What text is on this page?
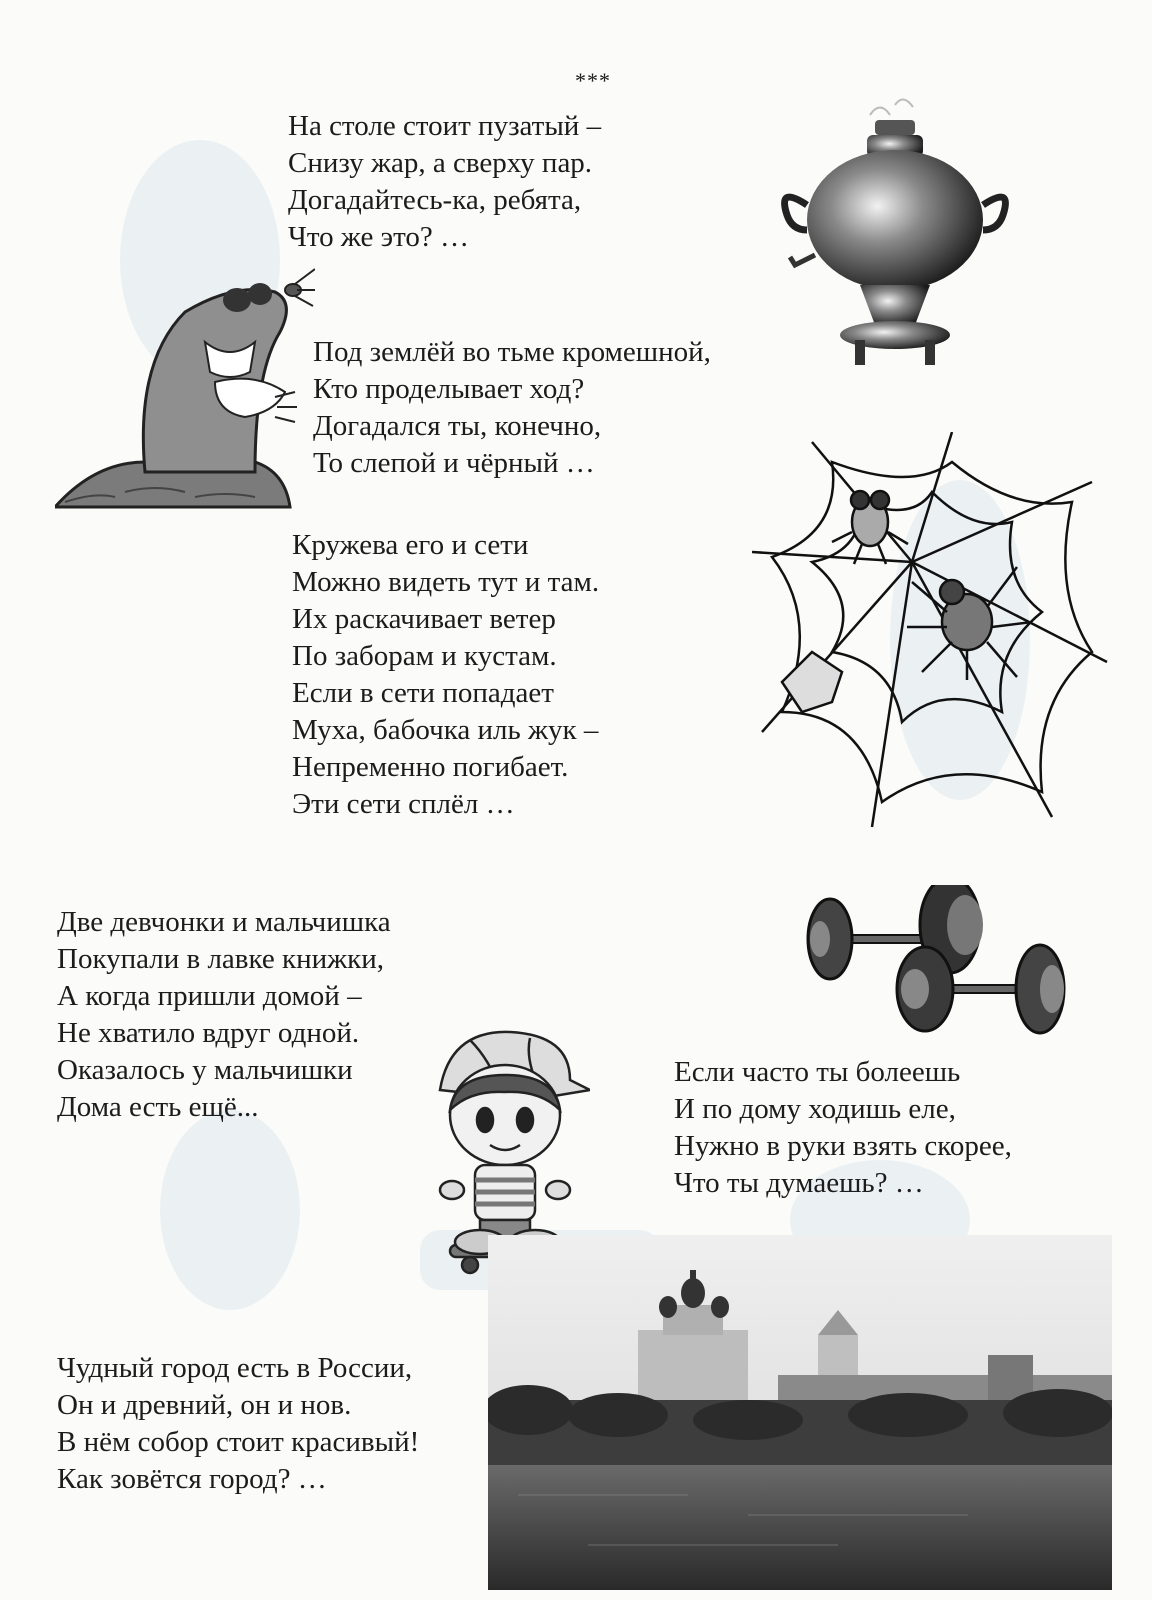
***
На столе стоит пузатый –
Снизу жар, а сверху пар.
Догадайтесь-ка, ребята,
Что же это? …
Под землёй во тьме кромешной,
Кто проделывает ход?
Догадался ты, конечно,
То слепой и чёрный …
Кружева его и сети
Можно видеть тут и там.
Их раскачивает ветер
По заборам и кустам.
Если в сети попадает
Муха, бабочка иль жук –
Непременно погибает.
Эти сети сплёл …
Две девчонки и мальчишка
Покупали в лавке книжки,
А когда пришли домой –
Не хватило вдруг одной.
Оказалось у мальчишки
Дома есть ещё...
Если часто ты болеешь
И по дому ходишь еле,
Нужно в руки взять скорее,
Что ты думаешь? …
Чудный город есть в России,
Он и древний, он и нов.
В нём собор стоит красивый!
Как зовётся город? …
